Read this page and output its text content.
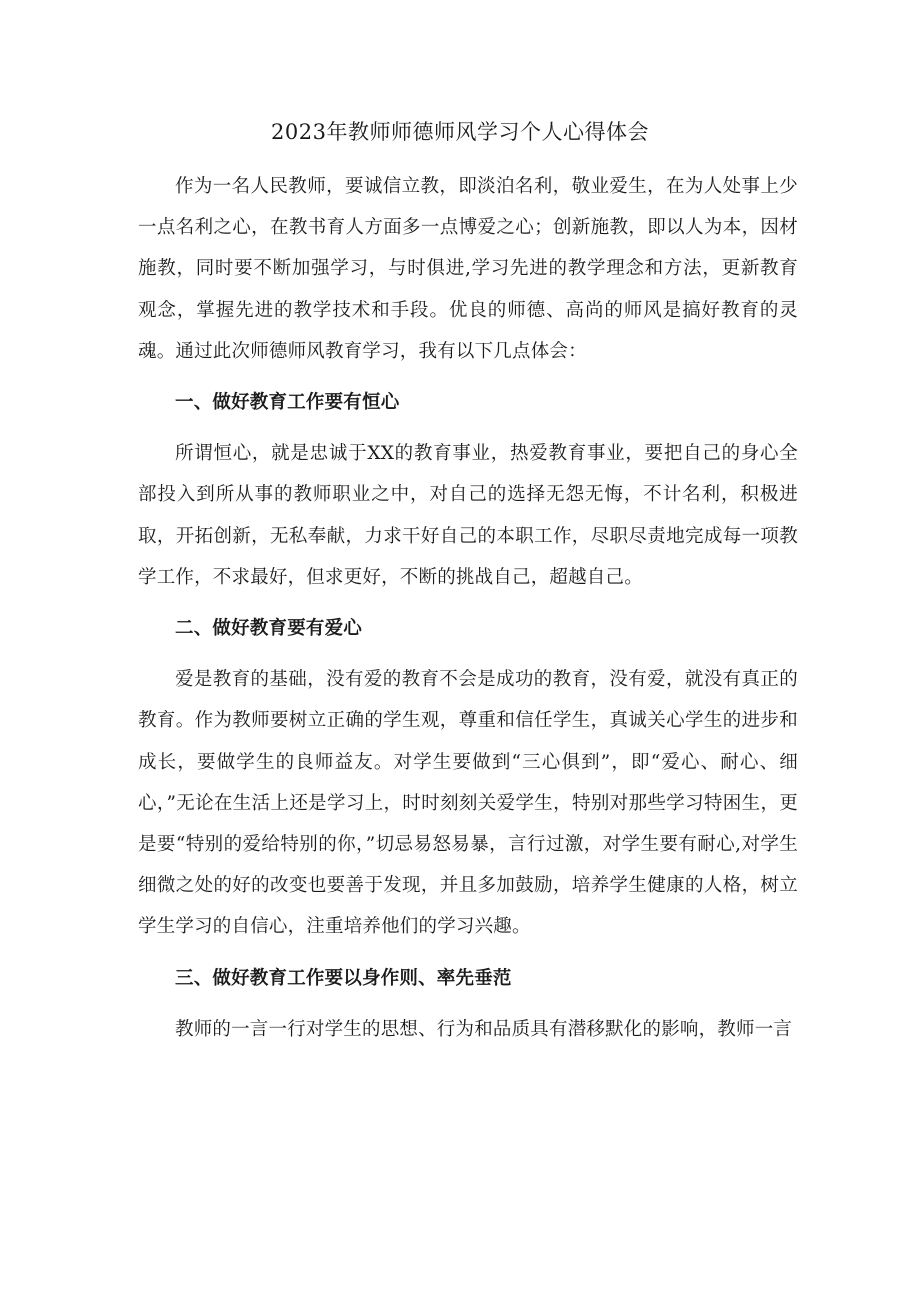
2023年教师师德师风学习个人心得体会

作为一名人民教师，要诚信立教，即淡泊名利，敬业爱生，在为人处事上少一点名利之心，在教书育人方面多一点博爱之心；创新施教，即以人为本，因材施教，同时要不断加强学习，与时俱进,学习先进的教学理念和方法，更新教育观念，掌握先进的教学技术和手段。优良的师德、高尚的师风是搞好教育的灵魂。通过此次师德师风教育学习，我有以下几点体会：

一、做好教育工作要有恒心

所谓恒心，就是忠诚于XX的教育事业，热爱教育事业，要把自己的身心全部投入到所从事的教师职业之中，对自己的选择无怨无悔，不计名利，积极进取，开拓创新，无私奉献，力求干好自己的本职工作，尽职尽责地完成每一项教学工作，不求最好，但求更好，不断的挑战自己，超越自己。

二、做好教育要有爱心

爱是教育的基础，没有爱的教育不会是成功的教育，没有爱，就没有真正的教育。作为教师要树立正确的学生观，尊重和信任学生，真诚关心学生的进步和成长，要做学生的良师益友。对学生要做到“三心俱到”，即“爱心、耐心、细心，”无论在生活上还是学习上，时时刻刻关爱学生，特别对那些学习特困生，更是要“特别的爱给特别的你，”切忌易怒易暴，言行过激，对学生要有耐心,对学生细微之处的好的改变也要善于发现，并且多加鼓励，培养学生健康的人格，树立学生学习的自信心，注重培养他们的学习兴趣。

三、做好教育工作要以身作则、率先垂范

教师的一言一行对学生的思想、行为和品质具有潜移默化的影响，教师一言
